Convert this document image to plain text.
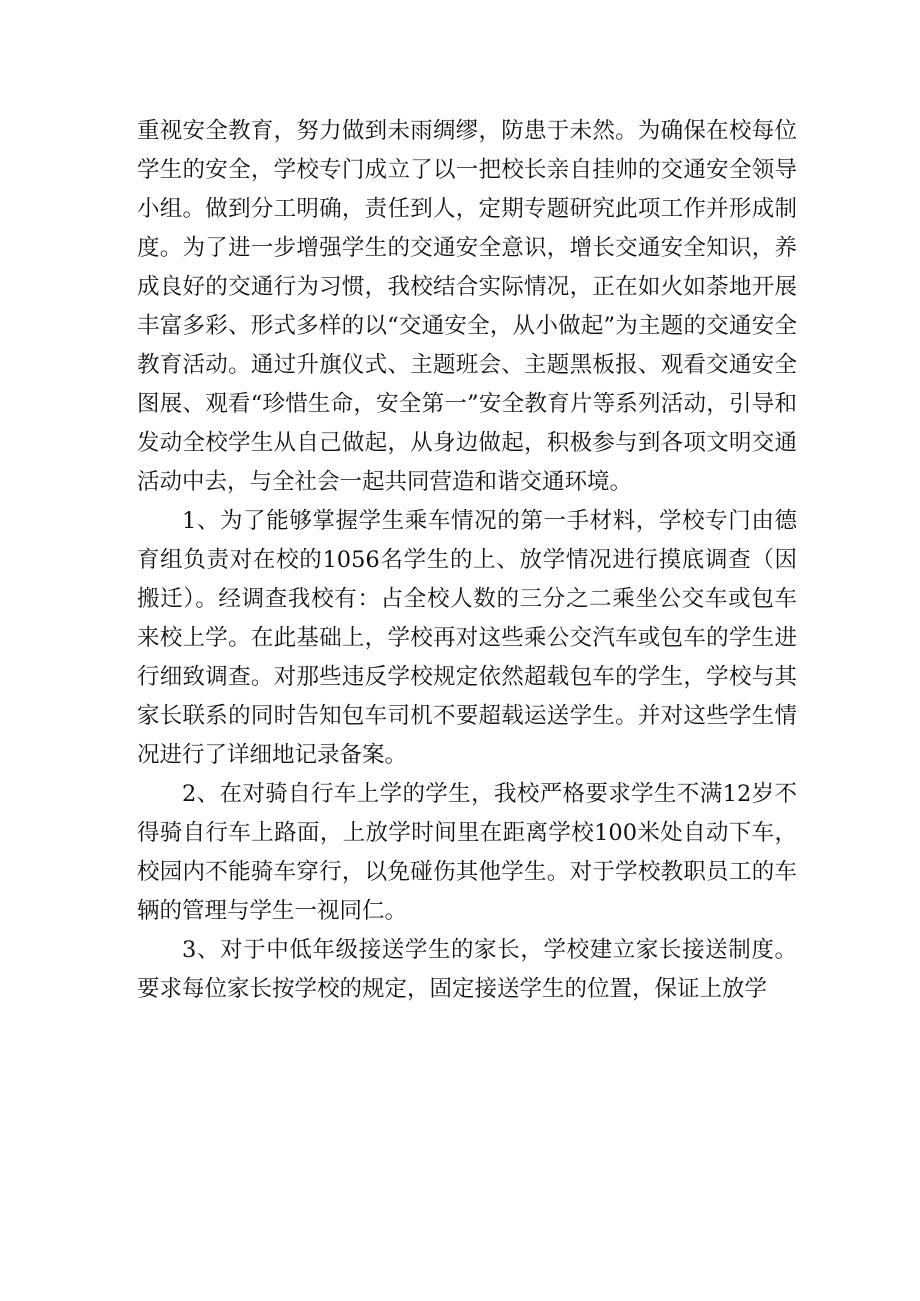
重视安全教育，努力做到未雨绸缪，防患于未然。为确保在校每位学生的安全，学校专门成立了以一把校长亲自挂帅的交通安全领导小组。做到分工明确，责任到人，定期专题研究此项工作并形成制度。为了进一步增强学生的交通安全意识，增长交通安全知识，养成良好的交通行为习惯，我校结合实际情况，正在如火如荼地开展丰富多彩、形式多样的以“交通安全，从小做起”为主题的交通安全教育活动。通过升旗仪式、主题班会、主题黑板报、观看交通安全图展、观看“珍惜生命，安全第一”安全教育片等系列活动，引导和发动全校学生从自己做起，从身边做起，积极参与到各项文明交通活动中去，与全社会一起共同营造和谐交通环境。

1、为了能够掌握学生乘车情况的第一手材料，学校专门由德育组负责对在校的1056名学生的上、放学情况进行摸底调查（因搬迁）。经调查我校有：占全校人数的三分之二乘坐公交车或包车来校上学。在此基础上，学校再对这些乘公交汽车或包车的学生进行细致调查。对那些违反学校规定依然超载包车的学生，学校与其家长联系的同时告知包车司机不要超载运送学生。并对这些学生情况进行了详细地记录备案。

2、在对骑自行车上学的学生，我校严格要求学生不满12岁不得骑自行车上路面，上放学时间里在距离学校100米处自动下车，校园内不能骑车穿行，以免碰伤其他学生。对于学校教职员工的车辆的管理与学生一视同仁。

3、对于中低年级接送学生的家长，学校建立家长接送制度。要求每位家长按学校的规定，固定接送学生的位置，保证上放学
